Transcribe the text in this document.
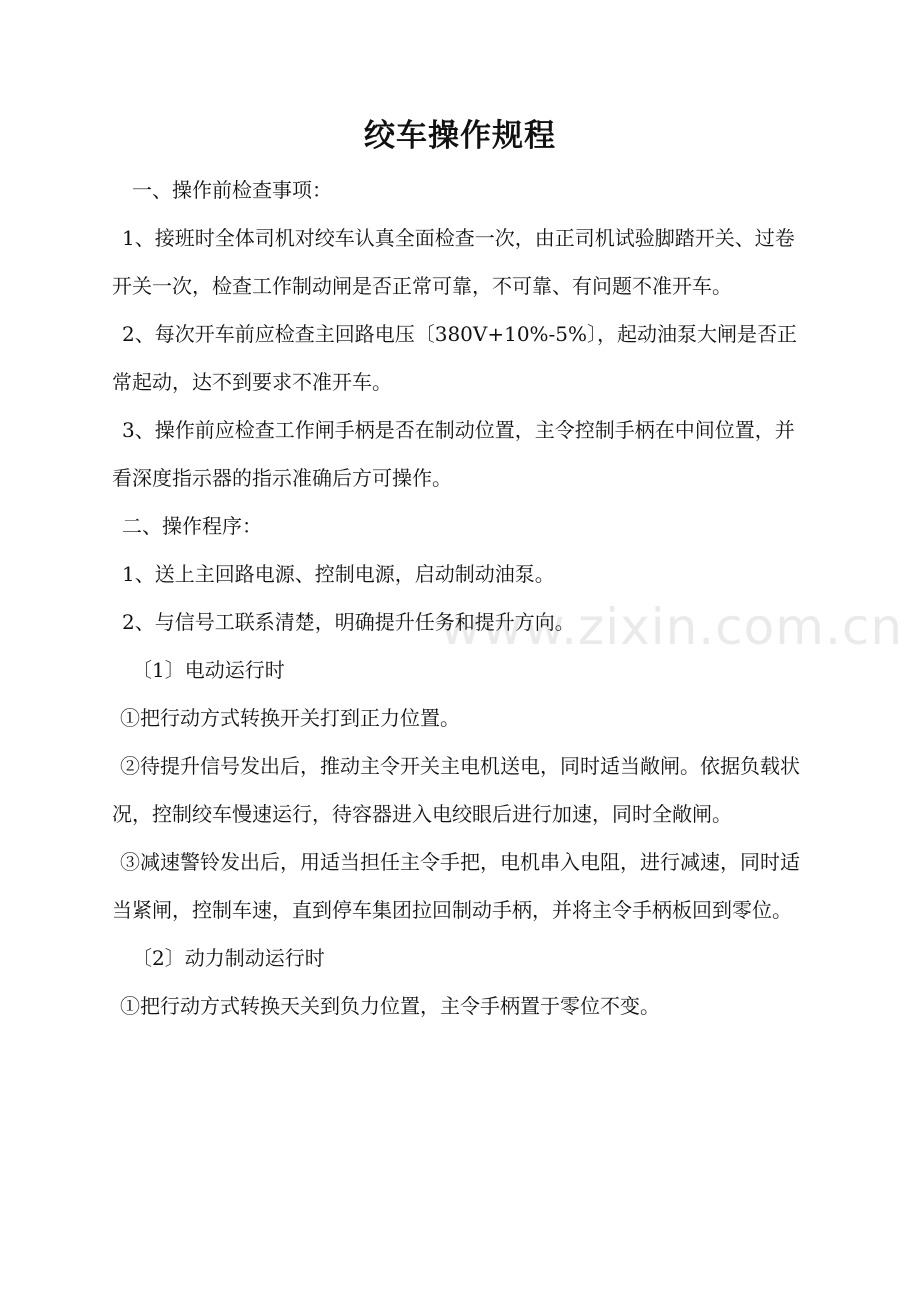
绞车操作规程

一、操作前检查事项：

1、接班时全体司机对绞车认真全面检查一次，由正司机试验脚踏开关、过卷开关一次，检查工作制动闸是否正常可靠，不可靠、有问题不准开车。

2、每次开车前应检查主回路电压〔380V+10%-5%〕，起动油泵大闸是否正常起动，达不到要求不准开车。

3、操作前应检查工作闸手柄是否在制动位置，主令控制手柄在中间位置，并看深度指示器的指示准确后方可操作。

二、操作程序：

1、送上主回路电源、控制电源，启动制动油泵。

2、与信号工联系清楚，明确提升任务和提升方向。

〔1〕电动运行时

①把行动方式转换开关打到正力位置。

②待提升信号发出后，推动主令开关主电机送电，同时适当敞闸。依据负载状况，控制绞车慢速运行，待容器进入电绞眼后进行加速，同时全敞闸。

③减速警铃发出后，用适当担任主令手把，电机串入电阻，进行减速，同时适当紧闸，控制车速，直到停车集团拉回制动手柄，并将主令手柄板回到零位。

〔2〕动力制动运行时

①把行动方式转换天关到负力位置，主令手柄置于零位不变。

www.zixin.com.cn
